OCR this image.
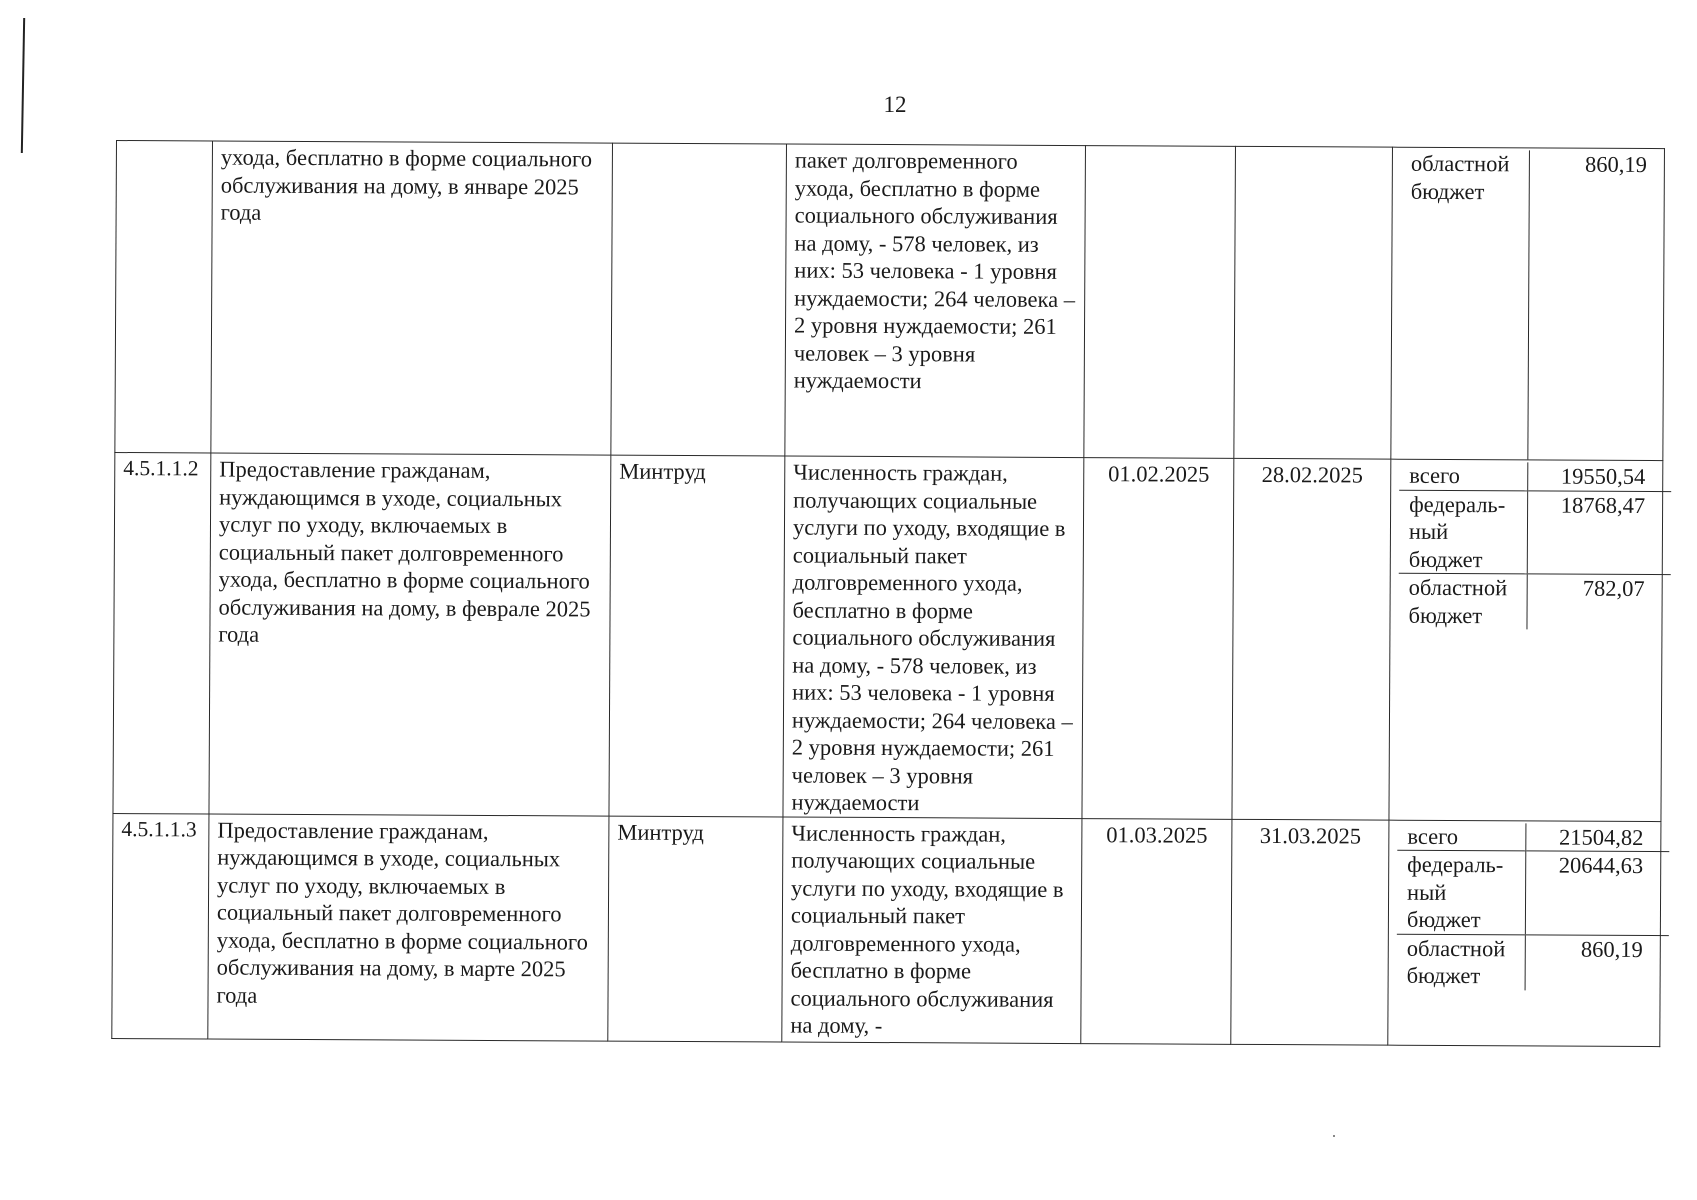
12
	ухода, бесплатно в форме социального обслуживания на дому, в январе 2025 года		пакет долговременного ухода, бесплатно в форме социального обслуживания на дому, - 578 человек, из них: 53 человека - 1 уровня нуждаемости; 264 человека – 2 уровня нуждаемости; 261 человек – 3 уровня нуждаемости			
областной бюджет	860,19

4.5.1.1.2	Предоставление гражданам, нуждающимся в уходе, социальных услуг по уходу, включаемых в социальный пакет долговременного ухода, бесплатно в форме социального обслуживания на дому, в феврале 2025 года	Минтруд	Численность граждан, получающих социальные услуги по уходу, входящие в социальный пакет долговременного ухода, бесплатно в форме социального обслуживания на дому, - 578 человек, из них: 53 человека - 1 уровня нуждаемости; 264 человека – 2 уровня нуждаемости; 261 человек – 3 уровня нуждаемости	01.02.2025	28.02.2025	всего	19550,54
федераль- ный бюджет	18768,47
областной бюджет	782,07

4.5.1.1.3	Предоставление гражданам, нуждающимся в уходе, социальных услуг по уходу, включаемых в социальный пакет долговременного ухода, бесплатно в форме социального обслуживания на дому, в марте 2025 года	Минтруд	Численность граждан, получающих социальные услуги по уходу, входящие в социальный пакет долговременного ухода, бесплатно в форме социального обслуживания на дому, -	01.03.2025	31.03.2025	всего	21504,82
федераль- ный бюджет	20644,63
областной бюджет	860,19
